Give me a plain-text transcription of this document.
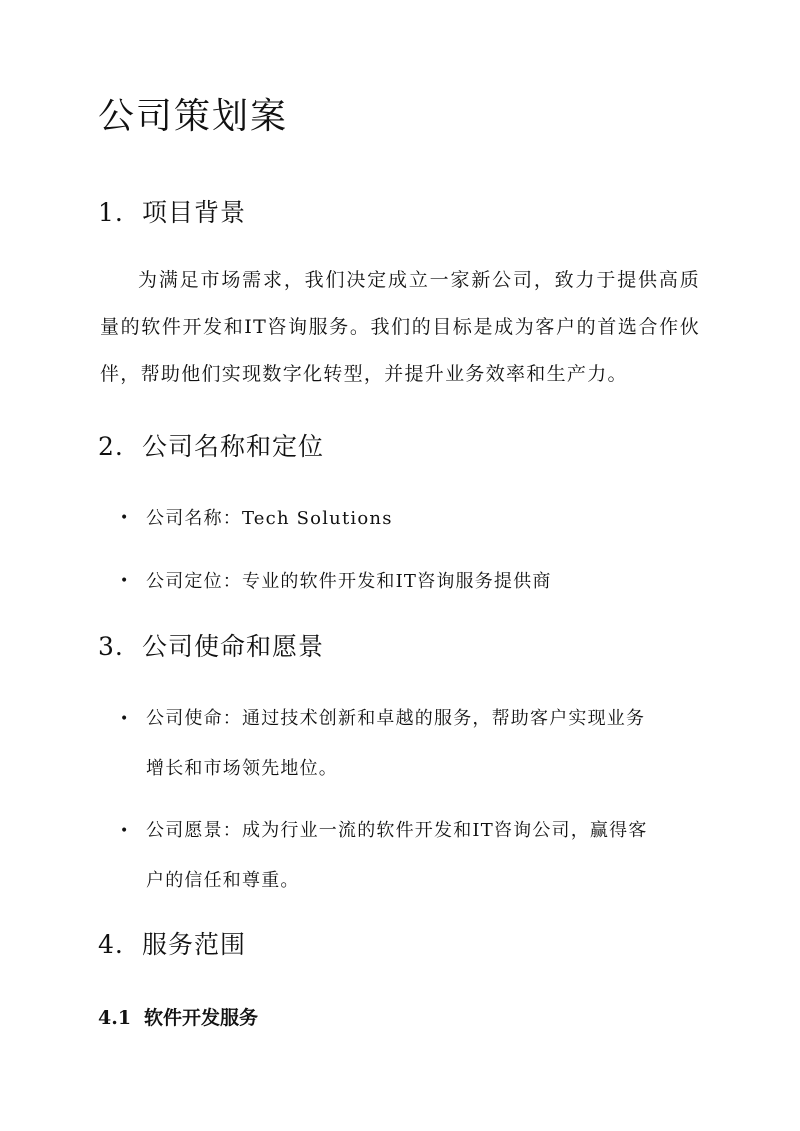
公司策划案
1. 项目背景

为满足市场需求，我们决定成立一家新公司，致力于提供高质量的软件开发和IT咨询服务。我们的目标是成为客户的首选合作伙伴，帮助他们实现数字化转型，并提升业务效率和生产力。

2. 公司名称和定位
• 公司名称：Tech Solutions
• 公司定位：专业的软件开发和IT咨询服务提供商
3. 公司使命和愿景
• 公司使命：通过技术创新和卓越的服务，帮助客户实现业务增长和市场领先地位。
• 公司愿景：成为行业一流的软件开发和IT咨询公司，赢得客户的信任和尊重。
4. 服务范围
4.1 软件开发服务
